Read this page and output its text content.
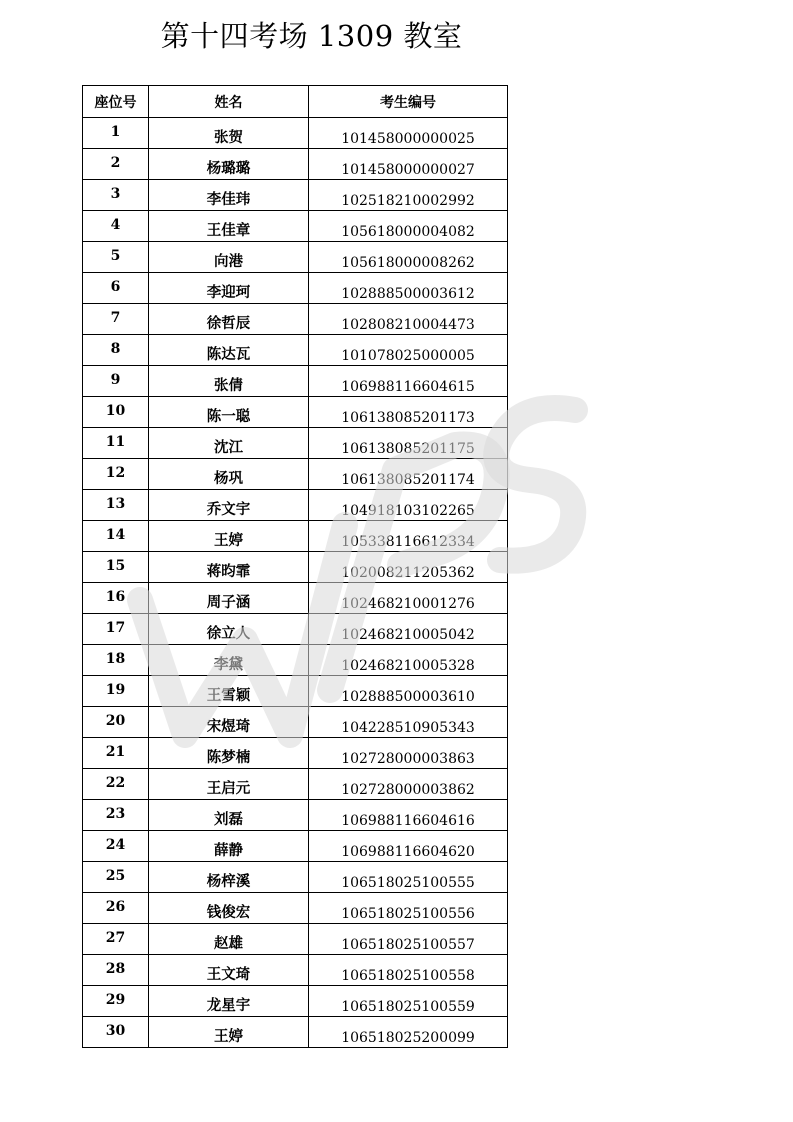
第十四考场 1309 教室
座位号	姓名	考生编号
1	张贺	101458000000025
2	杨璐璐	101458000000027
3	李佳玮	102518210002992
4	王佳章	105618000004082
5	向港	105618000008262
6	李迎珂	102888500003612
7	徐哲辰	102808210004473
8	陈达瓦	101078025000005
9	张倩	106988116604615
10	陈一聪	106138085201173
11	沈江	106138085201175
12	杨巩	106138085201174
13	乔文宇	104918103102265
14	王婷	105338116612334
15	蒋昀霏	102008211205362
16	周子涵	102468210001276
17	徐立人	102468210005042
18	李黛	102468210005328
19	王雪颖	102888500003610
20	宋煜琦	104228510905343
21	陈梦楠	102728000003863
22	王启元	102728000003862
23	刘磊	106988116604616
24	薛静	106988116604620
25	杨梓溪	106518025100555
26	钱俊宏	106518025100556
27	赵雄	106518025100557
28	王文琦	106518025100558
29	龙星宇	106518025100559
30	王婷	106518025200099
